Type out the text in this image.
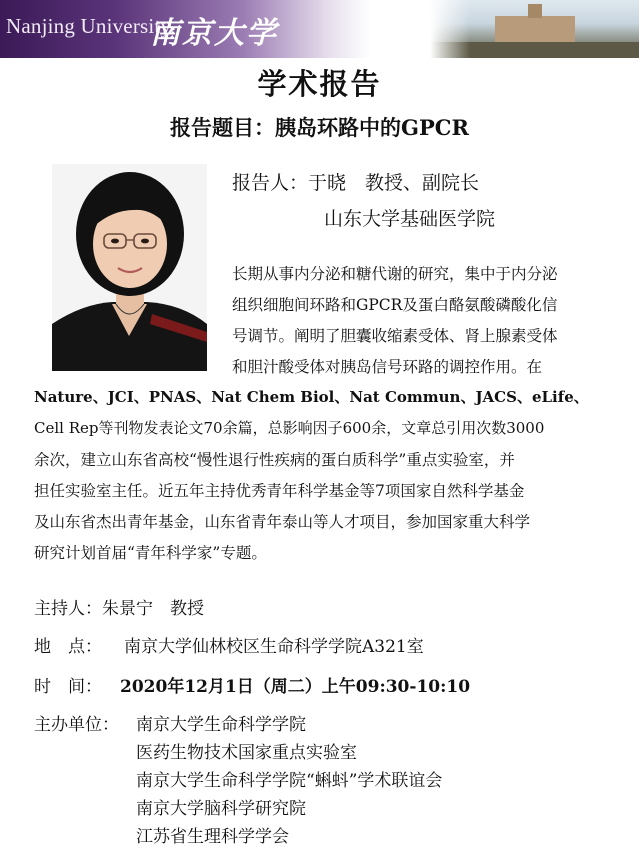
Nanjing University
南京大学
学术报告
报告题目：胰岛环路中的GPCR
报告人：于晓　教授、副院长
山东大学基础医学院
长期从事内分泌和糖代谢的研究，集中于内分泌
组织细胞间环路和GPCR及蛋白酪氨酸磷酸化信
号调节。阐明了胆囊收缩素受体、肾上腺素受体
和胆汁酸受体对胰岛信号环路的调控作用。在
Nature、JCI、PNAS、Nat Chem Biol、Nat Commun、JACS、eLife、
Cell Rep等刊物发表论文70余篇，总影响因子600余，文章总引用次数3000
余次，建立山东省高校“慢性退行性疾病的蛋白质科学”重点实验室，并
担任实验室主任。近五年主持优秀青年科学基金等7项国家自然科学基金
及山东省杰出青年基金，山东省青年泰山等人才项目，参加国家重大科学
研究计划首届“青年科学家”专题。
主持人：朱景宁　教授
地　点： 南京大学仙林校区生命科学学院A321室
时　间： 2020年12月1日（周二）上午09:30-10:10
主办单位： 南京大学生命科学学院
医药生物技术国家重点实验室
南京大学生命科学学院“蝌蚪”学术联谊会
南京大学脑科学研究院
江苏省生理科学学会
